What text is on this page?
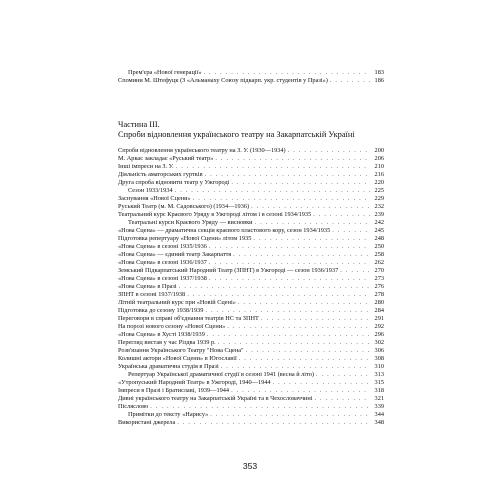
Прем'єра «Нової генерації» . . .	183
Спомини М. Штефуцк (З «Альманаху Союзу підкарп. укр. студентів у Празі») . . .	186
Частина III.
Спроби відновлення українського театру на Закарпатській Україні
Спроби відновлення українського театру на З. У. (1930—1934) . . .	200
М. Аркас закладає «Руський театр» . . .	206
Інші імпреси на З. У. . . .	210
Діяльність аматорських гуртків . . .	216
Друга спроба відновити театр у Ужгороді . . .	220
Сезон 1933/1934 . . .	225
Заснування «Нової Сцени» . . .	229
Руський Театр (м. М. Садовського) (1934—1936) . . .	232
Театральний курс Краєвого Уряду в Ужгороді літом і в сезоні 1934/1935 . . .	239
Театральні курси Краєвого Уряду — висновки . . .	242
«Нова Сцена» — драматична секція краєвого пластового кору, сезон 1934/1935 . . .	245
Підготовка репертуару «Нової Сцени» літом 1935 . . .	248
«Нова Сцена» в сезоні 1935/1936 . . .	250
«Нова Сцена» — єдиний театр Закарпаття . . .	258
«Нова Сцена» в сезоні 1936/1937 . . .	262
Земський Підкарпатський Народний Театр (ЗПНТ) в Ужгороді — сезон 1936/1937 . . .	270
«Нова Сцена» в сезоні 1937/1938 . . .	273
«Нова Сцена» в Празі . . .	276
ЗПНТ в сезоні 1937/1938 . . .	278
Літній театральний курс при «Новій Сцені» . . .	280
Підготовка до сезону 1938/1939 . . .	284
Переговори в справі об'єднання театрів НС та ЗПНТ . . .	291
На порозі нового сезону «Нової Сцени» . . .	292
«Нова Сцена» в Хусті 1938/1939 . . .	296
Перегляд вистав у час Різдва 1939 р. . . .	302
Розв'язання Українського Театру "Нова Сцена" . . .	306
Колишні актори «Нової Сцени» в Югославії . . .	308
Українська драматична студія в Празі . . .	310
Репертуар Української драматичної студії в сезоні 1941 (весна й літо) . . .	313
«Утропуський Народний Театр» в Ужгороді, 1940—1944 . . .	315
Імпреси в Празі і Братиславі, 1939—1944 . . .	318
Дивні українського театру на Закарпатській Україні та в Чехословаччині . . .	321
Післяслово . . .	339
Примітки до тексту «Нарису» . . .	344
Використані джерела . . .	348
353
